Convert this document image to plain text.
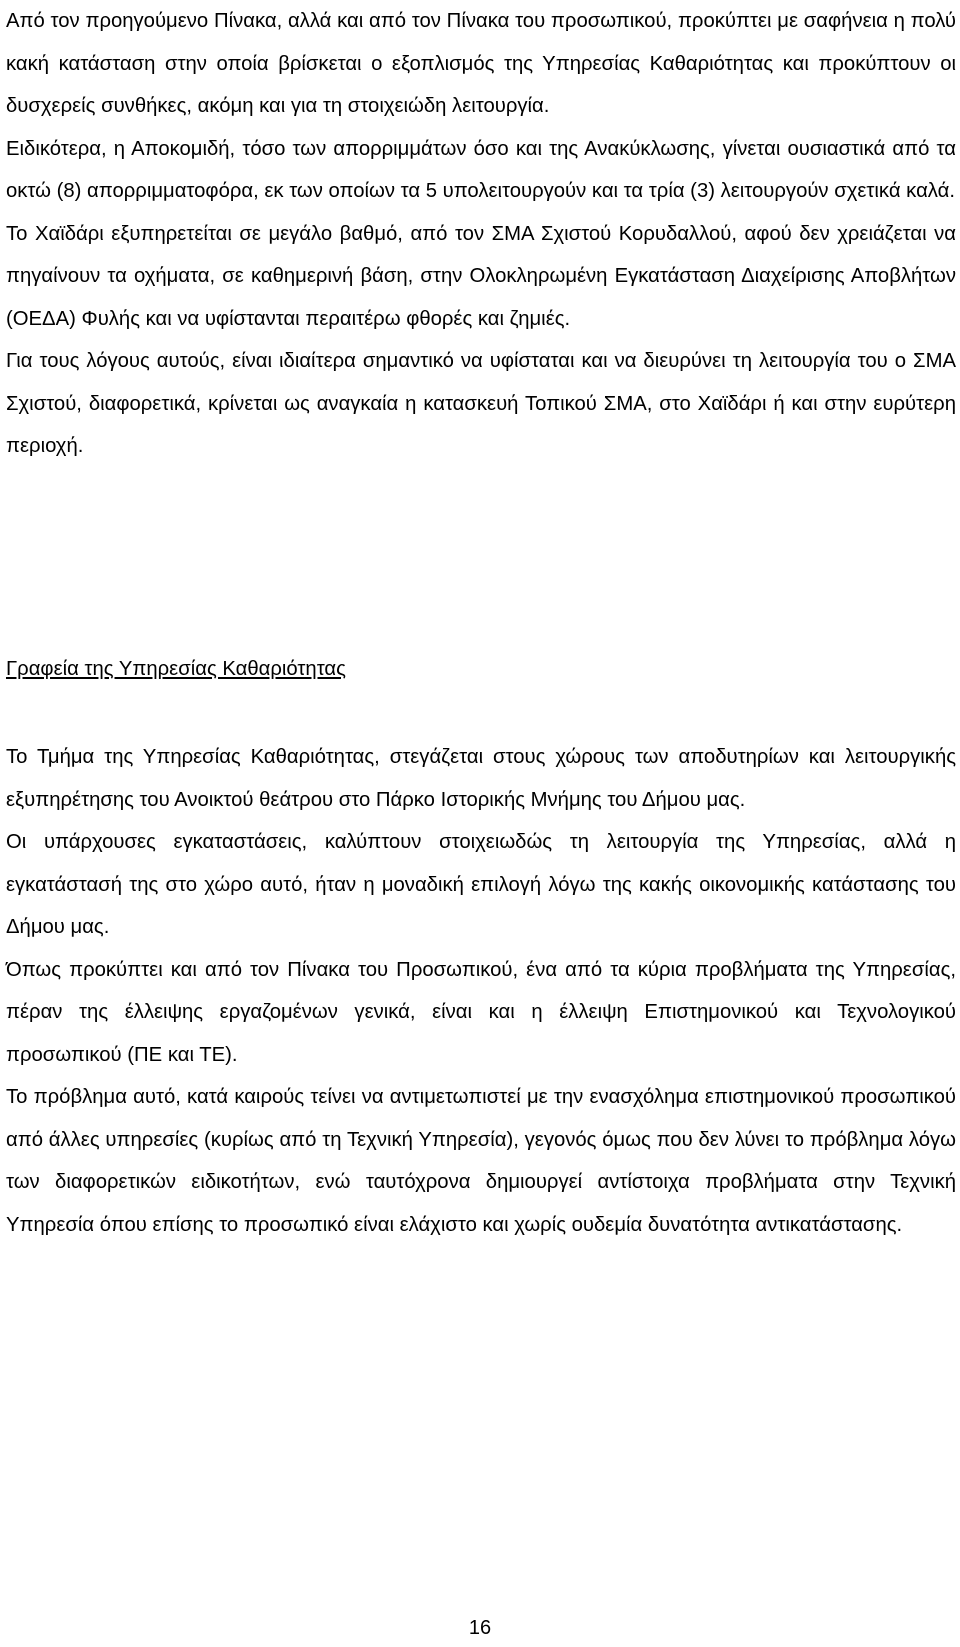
Από τον προηγούμενο Πίνακα, αλλά και από τον Πίνακα του προσωπικού, προκύπτει με σαφήνεια η πολύ κακή κατάσταση στην οποία βρίσκεται ο εξοπλισμός της Υπηρεσίας Καθαριότητας και προκύπτουν οι δυσχερείς συνθήκες, ακόμη και για τη στοιχειώδη λειτουργία.

Ειδικότερα, η Αποκομιδή, τόσο των απορριμμάτων όσο και της Ανακύκλωσης, γίνεται ουσιαστικά από τα οκτώ (8) απορριμματοφόρα, εκ των οποίων τα 5 υπολειτουργούν και τα τρία (3) λειτουργούν σχετικά καλά.

Το Χαϊδάρι εξυπηρετείται σε μεγάλο βαθμό, από τον ΣΜΑ Σχιστού Κορυδαλλού, αφού δεν χρειάζεται να πηγαίνουν τα οχήματα, σε καθημερινή βάση, στην Ολοκληρωμένη Εγκατάσταση Διαχείρισης Αποβλήτων (ΟΕΔΑ) Φυλής και να υφίστανται περαιτέρω φθορές και ζημιές.

Για τους λόγους αυτούς, είναι ιδιαίτερα σημαντικό να υφίσταται και να διευρύνει τη λειτουργία του ο ΣΜΑ Σχιστού, διαφορετικά, κρίνεται ως αναγκαία η κατασκευή Τοπικού ΣΜΑ, στο Χαϊδάρι ή και στην ευρύτερη περιοχή.

Γραφεία της Υπηρεσίας Καθαριότητας

Το Τμήμα της Υπηρεσίας Καθαριότητας, στεγάζεται στους χώρους των αποδυτηρίων και λειτουργικής εξυπηρέτησης του Ανοικτού θεάτρου στο Πάρκο Ιστορικής Μνήμης του Δήμου μας.

Οι υπάρχουσες εγκαταστάσεις, καλύπτουν στοιχειωδώς τη λειτουργία της Υπηρεσίας, αλλά η εγκατάστασή της στο χώρο αυτό, ήταν η μοναδική επιλογή λόγω της κακής οικονομικής κατάστασης του Δήμου μας.

Όπως προκύπτει και από τον Πίνακα του Προσωπικού, ένα από τα κύρια προβλήματα της Υπηρεσίας, πέραν της έλλειψης εργαζομένων γενικά, είναι και η έλλειψη Επιστημονικού και Τεχνολογικού προσωπικού (ΠΕ και ΤΕ).

Το πρόβλημα αυτό, κατά καιρούς τείνει να αντιμετωπιστεί με την ενασχόλημα επιστημονικού προσωπικού από άλλες υπηρεσίες (κυρίως από τη Τεχνική Υπηρεσία), γεγονός όμως που δεν λύνει το πρόβλημα λόγω των διαφορετικών ειδικοτήτων, ενώ ταυτόχρονα δημιουργεί αντίστοιχα προβλήματα στην Τεχνική Υπηρεσία όπου επίσης το προσωπικό είναι ελάχιστο και χωρίς ουδεμία δυνατότητα αντικατάστασης.

16
